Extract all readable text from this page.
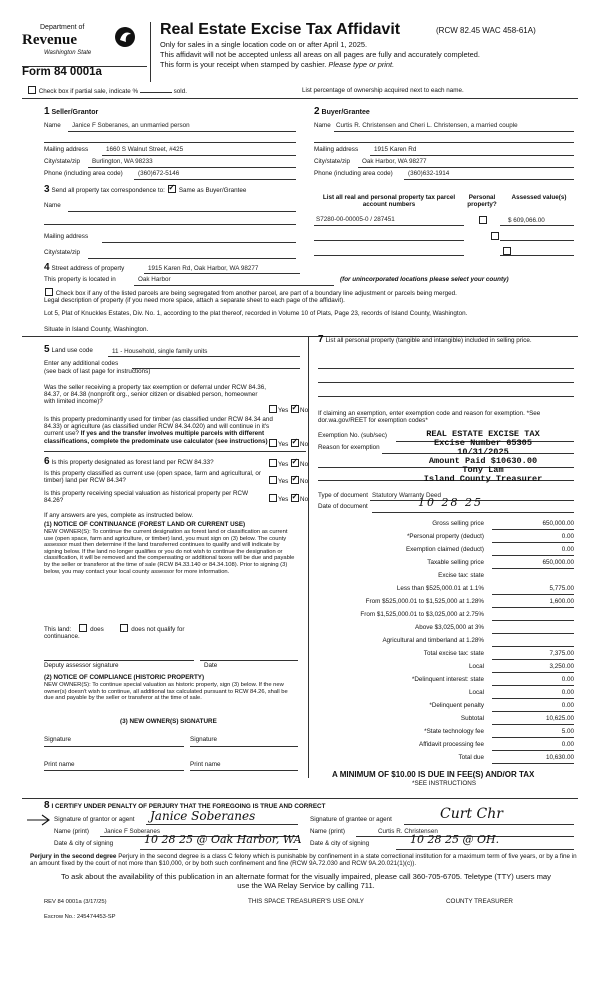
Department of
Revenue
Washington State
Form 84 0001a
Real Estate Excise Tax Affidavit	(RCW 82.45 WAC 458-61A)
Only for sales in a single location code on or after April 1, 2025.
This affidavit will not be accepted unless all areas on all pages are fully and accurately completed.
This form is your receipt when stamped by cashier. Please type or print.
Check box if partial sale, indicate %	sold.	List percentage of ownership acquired next to each name.
1 Seller/Grantor
Name Janice F Soberanes, an unmarried person
Mailing address	1660 S Walnut Street, #425
City/state/zip Burlington, WA 98233
Phone (including area code) (360)672-5146
2 Buyer/Grantee
Name Curtis R. Christensen and Cheri L. Christensen, a married couple
Mailing address	1915 Karen Rd
City/state/zip Oak Harbor, WA 98277
Phone (including area code) (360)632-1914
3 Send all property tax correspondence to: ✓ Same as Buyer/Grantee
Name
Mailing address
City/state/zip
List all real and personal property tax parcel account numbers
Personal property?
Assessed value(s)
S7280-00-00005-0 / 287451
	$ 609,066.00

4 Street address of property	1915 Karen Rd, Oak Harbor, WA 98277
This property is located in	Oak Harbor	(for unincorporated locations please select your county)
Check box if any of the listed parcels are being segregated from another parcel, are part of a boundary line adjustment or parcels being merged.
Legal description of property (if you need more space, attach a separate sheet to each page of the affidavit).
Lot 5, Plat of Knuckles Estates, Div. No. 1, according to the plat thereof, recorded in Volume 10 of Plats, Page 23, records of Island County, Washington.
Situate in Island County, Washington.
5 Land use code	11 - Household, single family units
Enter any additional codes
(see back of last page for instructions)
Was the seller receiving a property tax exemption or deferral under RCW 84.36, 84.37, or 84.38 (nonprofit org., senior citizen or disabled person, homeowner with limited income)?
Yes ✓ No
Is this property predominantly used for timber (as classified under RCW 84.34 and 84.33) or agriculture (as classified under RCW 84.34.020) and will continue in it's current use? If yes and the transfer involves multiple parcels with different classifications, complete the predominate use calculator (see instructions)	Yes ✓ No
6 Is this property designated as forest land per RCW 84.33?	Yes ✓ No
Is this property classified as current use (open space, farm and agricultural, or timber) land per RCW 84.34?	Yes ✓ No
Is this property receiving special valuation as historical property per RCW 84.26?	Yes ✓ No
If any answers are yes, complete as instructed below.
(1) NOTICE OF CONTINUANCE (FOREST LAND OR CURRENT USE)
NEW OWNER(S): To continue the current designation as forest land or classification as current use (open space, farm and agriculture, or timber) land, you must sign on (3) below. The county assessor must then determine if the land transferred continues to qualify and will indicate by signing below. If the land no longer qualifies or you do not wish to continue the designation or classification, it will be removed and the compensating or additional taxes will be due and payable by the seller or transferor at the time of sale (RCW 84.33.140 or 84.34.108). Prior to signing (3) below, you may contact your local county assessor for more information.
This land:	does	does not qualify for
continuance.
Deputy assessor signature	Date
(2) NOTICE OF COMPLIANCE (HISTORIC PROPERTY)
NEW OWNER(S): To continue special valuation as historic property, sign (3) below. If the new owner(s) doesn't wish to continue, all additional tax calculated pursuant to RCW 84.26, shall be due and payable by the seller or transferor at the time of sale.
(3) NEW OWNER(S) SIGNATURE
Signature	Signature
Print name	Print name
7 List all personal property (tangible and intangible) included in selling price.
If claiming an exemption, enter exemption code and reason for exemption. *See dor.wa.gov/REET for exemption codes*
Exemption No. (sub/sec)
Reason for exemption
REAL ESTATE EXCISE TAX
Excise Number 65305
10/31/2025
Amount Paid $10630.00
Tony Lam
Island County Treasurer
Type of document Statutory Warranty Deed
Date of document	10 28 25
Gross selling price	650,000.00
*Personal property (deduct)	0.00
Exemption claimed (deduct)	0.00
Taxable selling price	650,000.00
Excise tax: state
Less than $525,000.01 at 1.1%	5,775.00
From $525,000.01 to $1,525,000 at 1.28%	1,600.00
From $1,525,000.01 to $3,025,000 at 2.75%
Above $3,025,000 at 3%
Agricultural and timberland at 1.28%
Total excise tax: state	7,375.00
Local	3,250.00
*Delinquent interest: state	0.00
Local	0.00
*Delinquent penalty	0.00
Subtotal	10,625.00
*State technology fee	5.00
Affidavit processing fee	0.00
Total due	10,630.00
A MINIMUM OF $10.00 IS DUE IN FEE(S) AND/OR TAX
*SEE INSTRUCTIONS
8 I CERTIFY UNDER PENALTY OF PERJURY THAT THE FOREGOING IS TRUE AND CORRECT
Signature of grantor or agent Janice Soberanes
Name (print) Janice F Soberanes
Date & city of signing	10 28 25 @ Oak Harbor, WA
Signature of grantee or agent	Curt Chr
Name (print)	Curtis R. Christensen
Date & city of signing	10 28 25 @ OH.
Perjury in the second degree Perjury in the second degree is a class C felony which is punishable by confinement in a state correctional institution for a maximum term of five years, or by a fine in an amount fixed by the court of not more than $10,000, or by both such confinement and fine (RCW 9A.72.030 and RCW 9A.20.021(1)(c)).
To ask about the availability of this publication in an alternate format for the visually impaired, please call 360-705-6705. Teletype (TTY) users may use the WA Relay Service by calling 711.
REV 84 0001a (3/17/25)	THIS SPACE TREASURER'S USE ONLY	COUNTY TREASURER
Escrow No.: 245474453-SP
